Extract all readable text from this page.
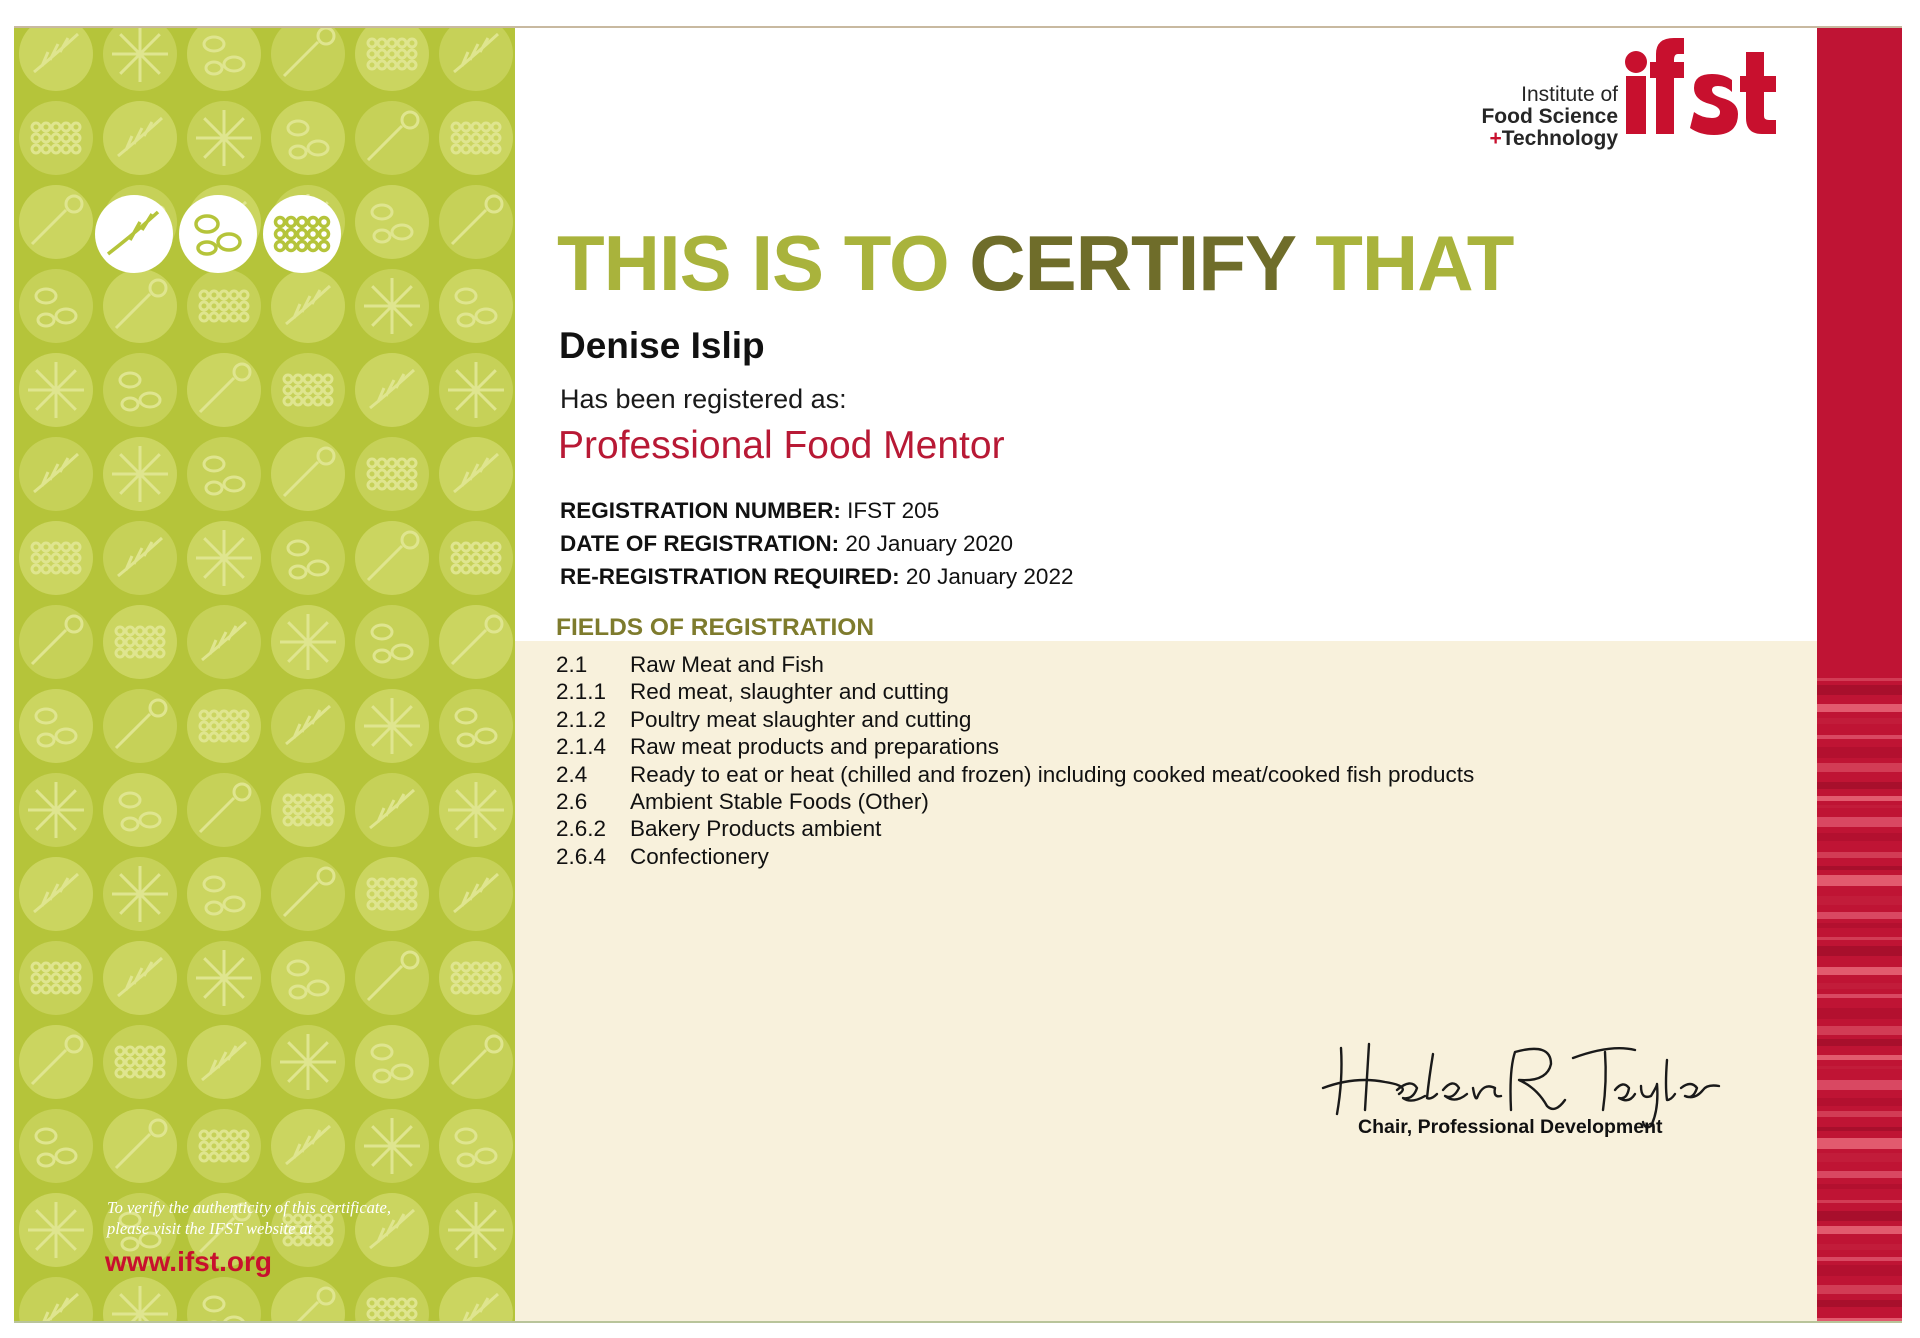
To verify the authenticity of this certificate,
please visit the IFST website at
www.ifst.org
Institute of
Food Science
+Technology
THIS IS TO CERTIFY THAT
Denise Islip
Has been registered as:
Professional Food Mentor
REGISTRATION NUMBER: IFST 205
DATE OF REGISTRATION: 20 January 2020
RE-REGISTRATION REQUIRED: 20 January 2022
FIELDS OF REGISTRATION
2.1	Raw Meat and Fish
2.1.1	Red meat, slaughter and cutting
2.1.2	Poultry meat slaughter and cutting
2.1.4	Raw meat products and preparations
2.4	Ready to eat or heat (chilled and frozen) including cooked meat/cooked fish products
2.6	Ambient Stable Foods (Other)
2.6.2	Bakery Products ambient
2.6.4	Confectionery
Chair, Professional Development
